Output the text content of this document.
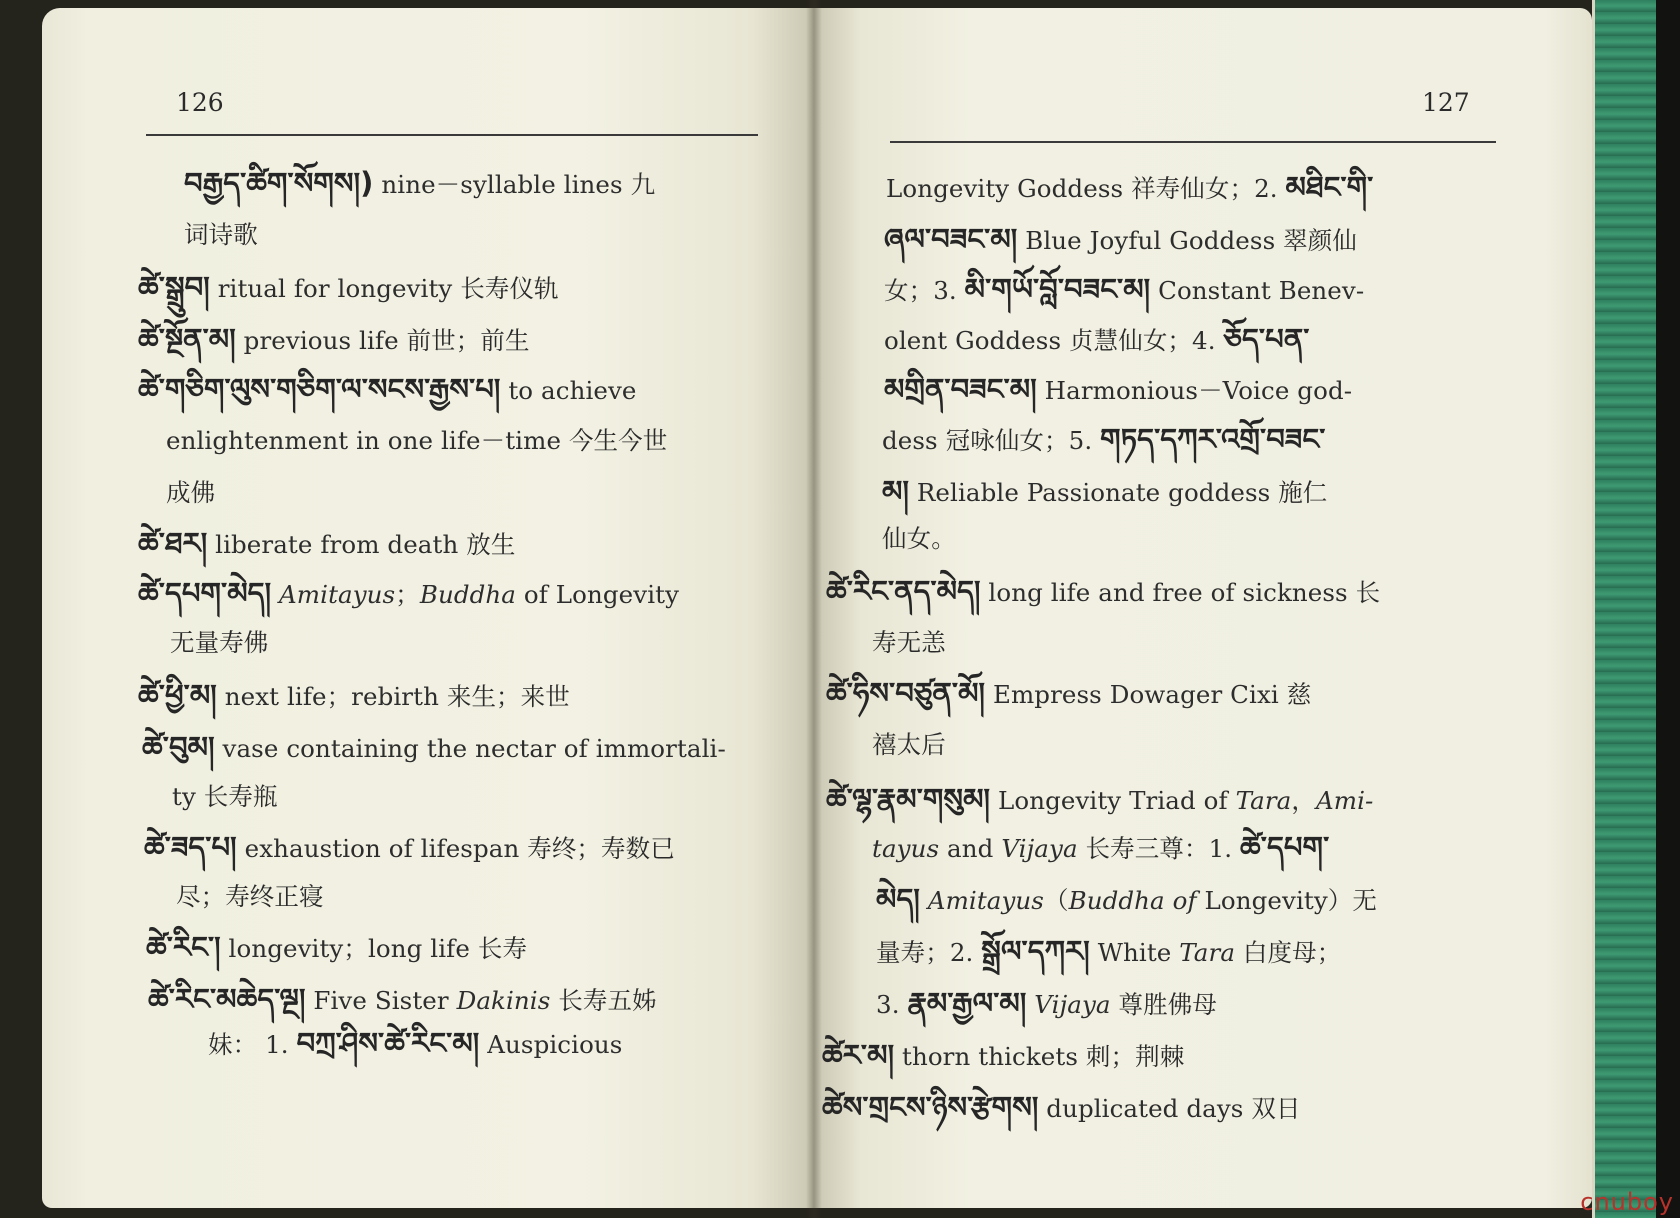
126
བརྒྱད་ཚིག་སོགས།) nine－syllable lines 九
词诗歌
ཚེ་སྒྲུབ། ritual for longevity 长寿仪轨
ཚེ་སྔོན་མ། previous life 前世；前生
ཚེ་གཅིག་ལུས་གཅིག་ལ་སངས་རྒྱས་པ། to achieve
enlightenment in one life－time 今生今世
成佛
ཚེ་ཐར། liberate from death 放生
ཚེ་དཔག་མེད། Amitayus；Buddha of Longevity
无量寿佛
ཚེ་ཕྱི་མ། next life；rebirth 来生；来世
ཚེ་བུམ། vase containing the nectar of immortali-
ty 长寿瓶
ཚེ་ཟད་པ། exhaustion of lifespan 寿终；寿数已
尽；寿终正寝
ཚེ་རིང་། longevity；long life 长寿
ཚེ་རིང་མཆེད་ལྔ། Five Sister Dakinis 长寿五姊
妹： 1. བཀྲ་ཤིས་ཚེ་རིང་མ། Auspicious
127
Longevity Goddess 祥寿仙女；2. མཐིང་གི་
ཞལ་བཟང་མ། Blue Joyful Goddess 翠颜仙
女；3. མི་གཡོ་བློ་བཟང་མ། Constant Benev-
olent Goddess 贞慧仙女；4. ཅོད་པན་
མགྲིན་བཟང་མ། Harmonious－Voice god-
dess 冠咏仙女；5. གཏད་དཀར་འགྲོ་བཟང་
མ། Reliable Passionate goddess 施仁
仙女。
ཚེ་རིང་ནད་མེད། long life and free of sickness 长
寿无恙
ཚེ་ཧིས་བཙུན་མོ། Empress Dowager Cixi 慈
禧太后
ཚེ་ལྷ་རྣམ་གསུམ། Longevity Triad of Tara，Ami-
tayus and Vijaya 长寿三尊：1. ཚེ་དཔག་
མེད། Amitayus（Buddha of Longevity）无
量寿；2. སྒྲོལ་དཀར། White Tara 白度母；
3. རྣམ་རྒྱལ་མ། Vijaya 尊胜佛母
ཚེར་མ། thorn thickets 刺；荆棘
ཚེས་གྲངས་ཉིས་རྩེགས། duplicated days 双日
cnuboy
